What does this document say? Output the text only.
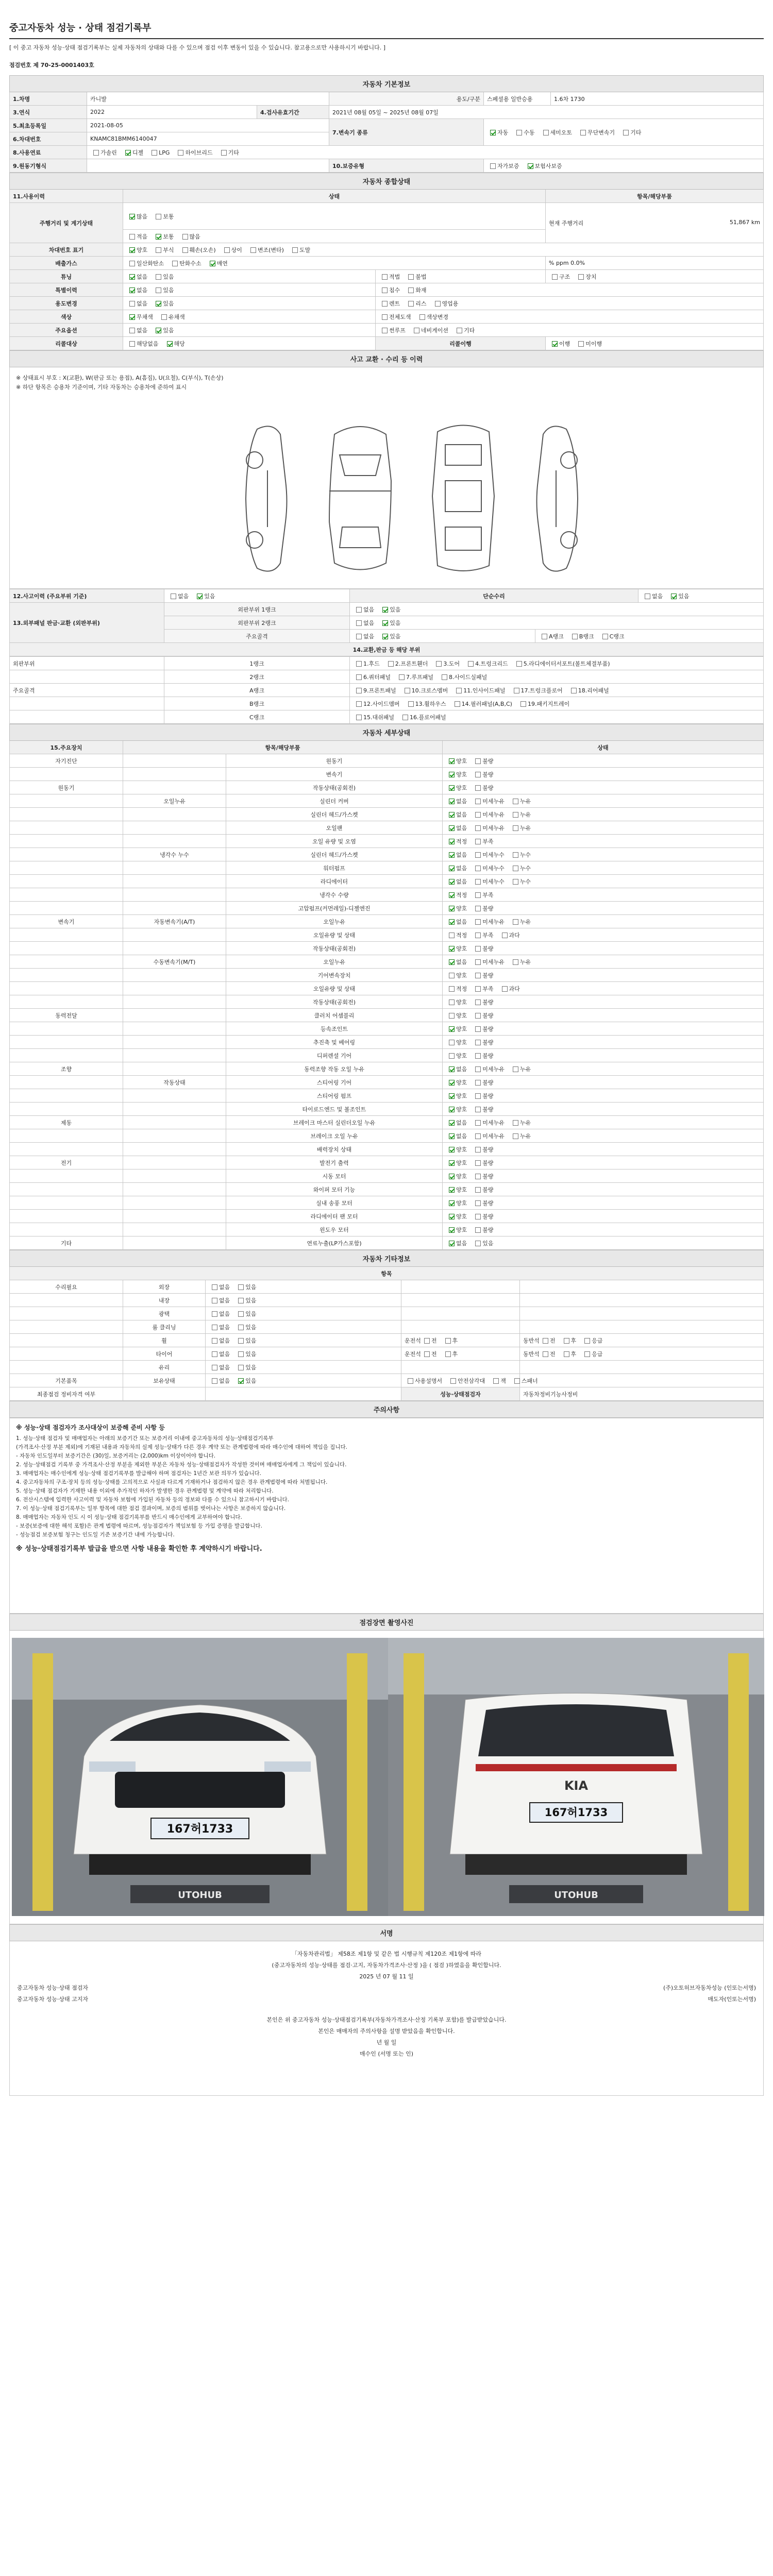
중고자동차 성능 · 상태 점검기록부
[ 이 중고 자동차 성능·상태 점검기록부는 실제 자동차의 상태와 다를 수 있으며 점검 이후 변동이 있을 수 있습니다. 참고용으로만 사용하시기 바랍니다. ]
점검번호 제 70-25-0001403호
자동차 기본정보					
1.차명	카니발		용도/구분	스페셜용 일반승용	1.6차 1730
3.연식	2022	4.검사유효기간	2021년 08월 05일 ~ 2025년 08월 07일		
5.최초등록일	2021-08-05		7.변속기 종류	자동 수동 세미오토 무단변속기 기타	
6.차대번호	KNAMC81BMM6140047				
8.사용연료	가솔린 디젤 LPG 하이브리드 기타				
9.원동기형식			10.보증유형	자가보증 보험사보증	
자동차 종합상태			
11.사용이력	상태		항목/해당부품
주행거리 및 계기상태	많음 보통		현재 주행거리 51,867 km

	적음 보통 많음		
차대번호 표기	양호 부식 훼손(오손) 상이 변조(변타) 도말		
배출가스	일산화탄소 탄화수소 매연		% ppm 0.0%
튜닝	없음 있음	적법 불법	구조 장치
특별이력	없음 있음	침수 화재	
용도변경	없음 있음	렌트 리스 영업용	
색상	무채색 유채색	전체도색 색상변경	
주요옵션	없음 있음	썬루프 네비게이션 기타	
리콜대상	해당없음 해당	리콜이행	이행 미이행
사고 교환 · 수리 등 이력
※ 상태표시 부호 : X(교환), W(판금 또는 용접), A(흠집), U(요철), C(부식), T(손상)
※ 하단 항목은 승용차 기준이며, 기타 자동차는 승용차에 준하여 표시
12.사고이력 (주요부위 기준)	없음 있음	단순수리		없음 있음
13.외부패널 판금·교환 (외판부위)	외판부위 1랭크	없음 있음		
	외판부위 2랭크	없음 있음		
	주요골격	없음 있음	A랭크 B랭크 C랭크	
14.교환,판금 등 해당 부위				
외판부위	1랭크	1.후드 2.프론트휀더 3.도어 4.트렁크리드 5.라디에이터서포트(볼트체결부품)
	2랭크	6.쿼터패널 7.루프패널 8.사이드실패널
주요골격	A랭크	9.프론트패널 10.크로스멤버 11.인사이드패널 17.트렁크플로어 18.리어패널
	B랭크	12.사이드멤버 13.휠하우스 14.필러패널(A,B,C) 19.패키지트레이
	C랭크	15.대쉬패널 16.플로어패널
자동차 세부상태			
15.주요장치	항목/해당부품		상태
자기진단		원동기	양호 불량
		변속기	양호 불량
원동기		작동상태(공회전)	양호 불량
	오일누유	실린더 커버	없음 미세누유 누유
		실린더 헤드/가스켓	없음 미세누유 누유
		오일팬	없음 미세누유 누유
		오일 유량 및 오염	적정 부족
	냉각수 누수	실린더 헤드/가스켓	없음 미세누수 누수
		워터펌프	없음 미세누수 누수
		라디에이터	없음 미세누수 누수
		냉각수 수량	적정 부족
		고압펌프(커먼레일)-디젤엔진	양호 불량
변속기	자동변속기(A/T)	오일누유	없음 미세누유 누유
		오일유량 및 상태	적정 부족 과다
		작동상태(공회전)	양호 불량
	수동변속기(M/T)	오일누유	없음 미세누유 누유
		기어변속장치	양호 불량
		오일유량 및 상태	적정 부족 과다
		작동상태(공회전)	양호 불량
동력전달		클러치 어셈블리	양호 불량
		등속조인트	양호 불량
		추진축 및 베어링	양호 불량
		디퍼렌셜 기어	양호 불량
조향		동력조향 작동 오일 누유	없음 미세누유 누유
	작동상태	스티어링 기어	양호 불량
		스티어링 펌프	양호 불량
		타이로드엔드 및 볼조인트	양호 불량
제동		브레이크 마스터 실린더오일 누유	없음 미세누유 누유
		브레이크 오일 누유	없음 미세누유 누유
		배력장치 상태	양호 불량
전기		발전기 출력	양호 불량
		시동 모터	양호 불량
		와이퍼 모터 기능	양호 불량
		실내 송풍 모터	양호 불량
		라디에이터 팬 모터	양호 불량
		윈도우 모터	양호 불량
기타		연료누출(LP가스포함)	없음 있음
자동차 기타정보				
항목				
수리필요	외장	없음 있음		
	내장	없음 있음		
	광택	없음 있음		
	룸 클리닝	없음 있음		
	휠	없음 있음	운전석 전 후	동반석 전 후 응급
	타이어	없음 있음	운전석 전 후	동반석 전 후 응급
	유리	없음 있음		
기본품목	보유상태	없음 있음	사용설명서 안전삼각대 잭 스패너	
최종점검 정비자격 여부			성능·상태점검자	자동차정비기능사정비
주의사항
※ 성능·상태 점검자가 조사대상이 보증해 준비 사항 등
1. 성능·상태 점검자 및 매매업자는 아래의 보증기간 또는 보증거리 이내에 중고자동차의 성능·상태점검기록부
(가격조사·산정 부분 제외)에 기재된 내용과 자동차의 실제 성능·상태가 다른 경우 계약 또는 관계법령에 따라 매수인에 대하여 책임을 집니다.
- 자동차 인도일부터 보증기간은 (30)일, 보증거리는 (2,000)km 이상이어야 합니다.
2. 성능·상태점검 기록부 중 가격조사·산정 부분을 제외한 부분은 자동차 성능·상태점검자가 작성한 것이며 매매업자에게 그 책임이 있습니다.
3. 매매업자는 매수인에게 성능·상태 점검기록부를 발급해야 하며 점검자는 1년간 보관 의무가 있습니다.
4. 중고자동차의 구조·장치 등의 성능·상태를 고의적으로 사실과 다르게 기재하거나 점검하지 않은 경우 관계법령에 따라 처벌됩니다.
5. 성능·상태 점검자가 기재한 내용 이외에 추가적인 하자가 발생한 경우 관계법령 및 계약에 따라 처리합니다.
6. 전산시스템에 입력한 사고이력 및 자동차 보험에 가입된 자동차 등의 정보와 다를 수 있으니 참고하시기 바랍니다.
7. 이 성능·상태 점검기록부는 일부 항목에 대한 점검 결과이며, 보증의 범위를 벗어나는 사항은 보증하지 않습니다.
8. 매매업자는 자동차 인도 시 이 성능·상태 점검기록부를 반드시 매수인에게 교부하여야 합니다.
- 보증(보증에 대한 해석 포함)은 관계 법령에 따르며, 성능점검자가 책임보험 등 가입 증명을 발급합니다.
- 성능점검 보증보험 청구는 인도일 기준 보증기간 내에 가능합니다.
※ 성능·상태점검기록부 발급을 받으면 사항 내용을 확인한 후 계약하시기 바랍니다.
점검장면 촬영사진
167허1733
UTOHUB
KIA
167허1733
UTOHUB
서명
「자동차관리법」 제58조 제1항 및 같은 법 시행규칙 제120조 제1항에 따라
(중고자동차의 성능·상태를 점검·고지, 자동차가격조사·산정 )을 ( 점검 )하였음을 확인합니다.
2025 년 07 월 11 일
중고자동차 성능·상태 점검자	(주)오토허브자동차성능 (인또는서명)
중고자동차 성능·상태 고지자	매도자(인또는서명)
본인은 위 중고자동차 성능·상태점검기록부(자동차가격조사·산정 기록부 포함)를 발급받았습니다.
본인은 매매자의 주의사항을 설명 받았음을 확인합니다.
년 월 일
매수인 (서명 또는 인)
